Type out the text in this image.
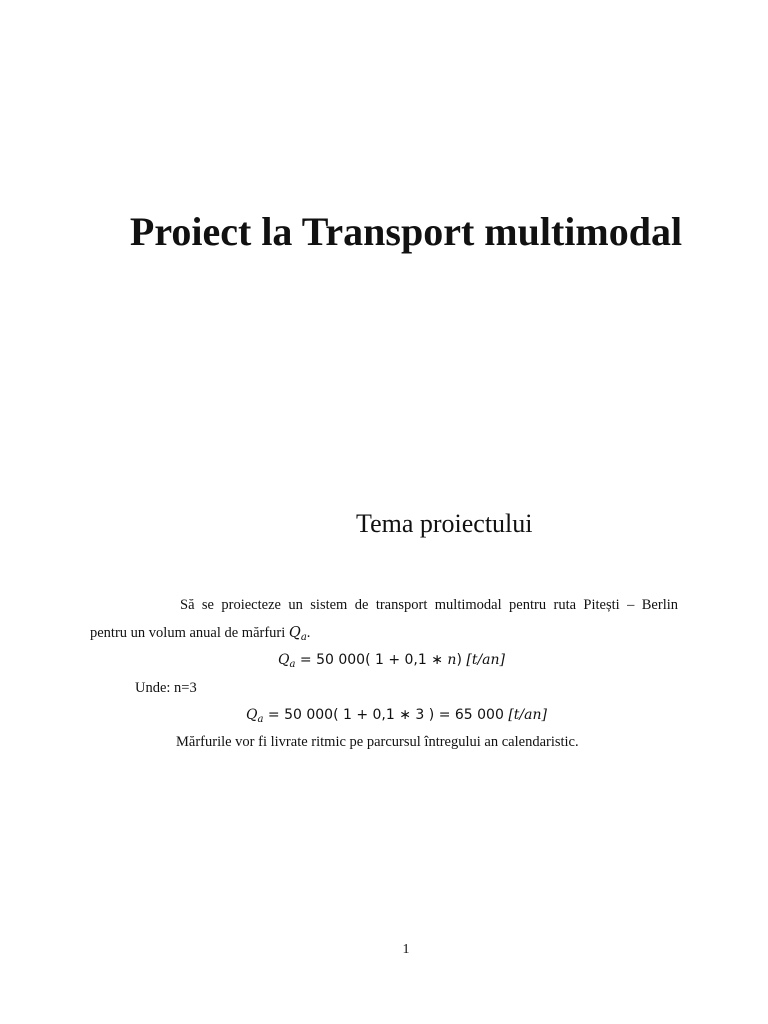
Proiect la Transport multimodal
Tema proiectului
Să se proiecteze un sistem de transport multimodal pentru ruta Pitești – Berlin
pentru un volum anual de mărfuri $Q_a$.
$Q_a = 50$ 000( 1 + 0,1 ∗ n) [t/an]
Unde: n=3
$Q_a = 50$ 000( 1 + 0,1 ∗ 3 ) = 65 000 [t/an]
Mărfurile vor fi livrate ritmic pe parcursul întregului an calendaristic.
1
